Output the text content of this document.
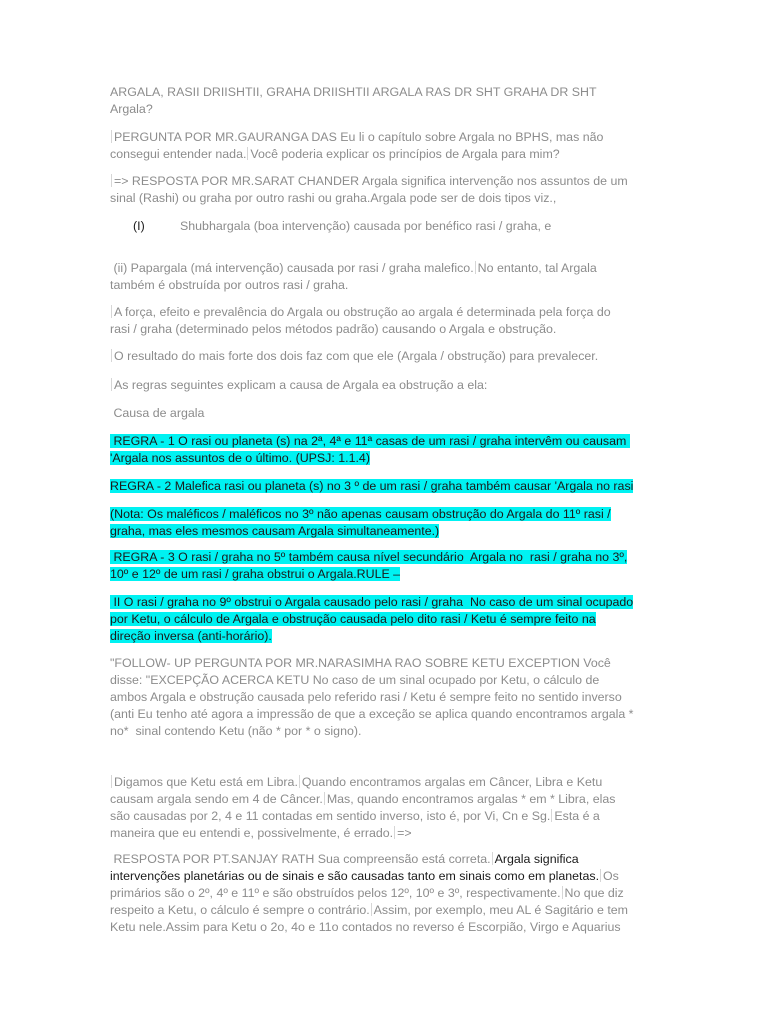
ARGALA, RASII DRIISHTII, GRAHA DRIISHTII ARGALA RAS DR SHT GRAHA DR SHT
Argala?

PERGUNTA POR MR.GAURANGA DAS Eu li o capítulo sobre Argala no BPHS, mas não
consegui entender nada. Você poderia explicar os princípios de Argala para mim?

=> RESPOSTA POR MR.SARAT CHANDER Argala significa intervenção nos assuntos de um
sinal (Rashi) ou graha por outro rashi ou graha.Argala pode ser de dois tipos viz.,

(I)	Shubhargala (boa intervenção) causada por benéfico rasi / graha, e

(ii) Papargala (má intervenção) causada por rasi / graha malefico. No entanto, tal Argala
também é obstruída por outros rasi / graha.

A força, efeito e prevalência do Argala ou obstrução ao argala é determinada pela força do
rasi / graha (determinado pelos métodos padrão) causando o Argala e obstrução.

O resultado do mais forte dos dois faz com que ele (Argala / obstrução) para prevalecer.

As regras seguintes explicam a causa de Argala ea obstrução a ela:

Causa de argala

REGRA - 1 O rasi ou planeta (s) na 2ª, 4ª e 11ª casas de um rasi / graha intervêm ou causam
'Argala nos assuntos de o último. (UPSJ: 1.1.4)

REGRA - 2 Malefica rasi ou planeta (s) no 3 º de um rasi / graha também causar 'Argala no rasi

(Nota: Os maléficos / maléficos no 3º não apenas causam obstrução do Argala do 11º rasi /
graha, mas eles mesmos causam Argala simultaneamente.)

REGRA - 3 O rasi / graha no 5º também causa nível secundário  Argala no  rasi / graha no 3º,
10º e 12º de um rasi / graha obstrui o Argala.RULE –

II O rasi / graha no 9º obstrui o Argala causado pelo rasi / graha  No caso de um sinal ocupado
por Ketu, o cálculo de Argala e obstrução causada pelo dito rasi / Ketu é sempre feito na
direção inversa (anti-horário).

"FOLLOW- UP PERGUNTA POR MR.NARASIMHA RAO SOBRE KETU EXCEPTION Você
disse: "EXCEPÇÃO ACERCA KETU No caso de um sinal ocupado por Ketu, o cálculo de
ambos Argala e obstrução causada pelo referido rasi / Ketu é sempre feito no sentido inverso
(anti Eu tenho até agora a impressão de que a exceção se aplica quando encontramos argala *
no*  sinal contendo Ketu (não * por * o signo).

Digamos que Ketu está em Libra. Quando encontramos argalas em Câncer, Libra e Ketu
causam argala sendo em 4 de Câncer. Mas, quando encontramos argalas * em * Libra, elas
são causadas por 2, 4 e 11 contadas em sentido inverso, isto é, por Vi, Cn e Sg. Esta é a
maneira que eu entendi e, possivelmente, é errado. =>

RESPOSTA POR PT.SANJAY RATH Sua compreensão está correta. Argala significa
intervenções planetárias ou de sinais e são causadas tanto em sinais como em planetas. Os
primários são o 2º, 4º e 11º e são obstruídos pelos 12º, 10º e 3º, respectivamente. No que diz
respeito a Ketu, o cálculo é sempre o contrário. Assim, por exemplo, meu AL é Sagitário e tem
Ketu nele.Assim para Ketu o 2o, 4o e 11o contados no reverso é Escorpião, Virgo e Aquarius
